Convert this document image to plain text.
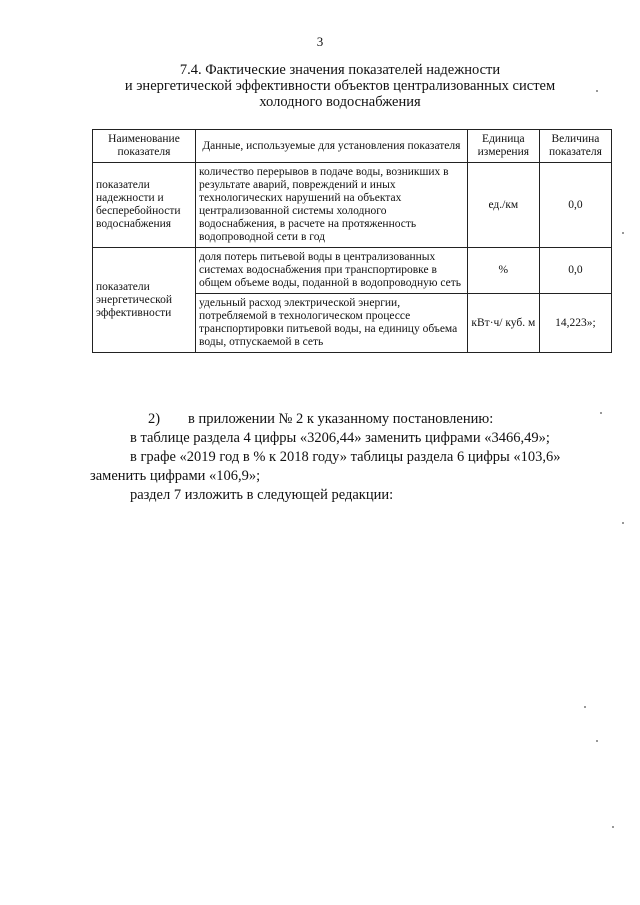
3
7.4. Фактические значения показателей надежности
и энергетической эффективности объектов централизованных систем
холодного водоснабжения
Наименование показателя	Данные, используемые для установления показателя	Единица измерения	Величина показателя
показатели надежности и бесперебойности водоснабжения	количество перерывов в подаче воды, возникших в результате аварий, повреждений и иных технологических нарушений на объектах централизованной системы холодного водоснабжения, в расчете на протяженность водопроводной сети в год	ед./км	0,0
показатели энергетической эффективности	доля потерь питьевой воды в централизованных системах водоснабжения при транспортировке в общем объеме воды, поданной в водопроводную сеть	%	0,0
	удельный расход электрической энергии, потребляемой в технологическом процессе транспортировки питьевой воды, на единицу объема воды, отпускаемой в сеть	кВт·ч/ куб. м	14,223»;

2) в приложении № 2 к указанному постановлению:

в таблице раздела 4 цифры «3206,44» заменить цифрами «3466,49»;

в графе «2019 год в % к 2018 году» таблицы раздела 6 цифры «103,6»

заменить цифрами «106,9»;

раздел 7 изложить в следующей редакции:
